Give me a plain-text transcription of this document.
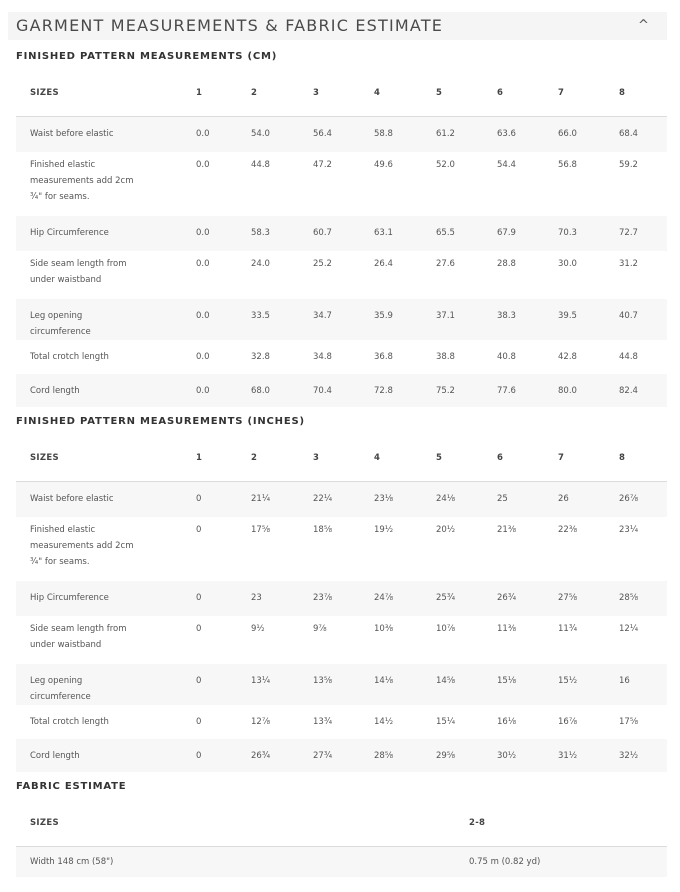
GARMENT MEASUREMENTS & FABRIC ESTIMATE	^
FINISHED PATTERN MEASUREMENTS (CM)
SIZES	1	2	3	4	5	6	7	8
Waist before elastic	0.0	54.0	56.4	58.8	61.2	63.6	66.0	68.4
Finished elastic measurements add 2cm ¾" for seams.	0.0	44.8	47.2	49.6	52.0	54.4	56.8	59.2
Hip Circumference	0.0	58.3	60.7	63.1	65.5	67.9	70.3	72.7
Side seam length from under waistband	0.0	24.0	25.2	26.4	27.6	28.8	30.0	31.2
Leg opening circumference	0.0	33.5	34.7	35.9	37.1	38.3	39.5	40.7
Total crotch length	0.0	32.8	34.8	36.8	38.8	40.8	42.8	44.8
Cord length	0.0	68.0	70.4	72.8	75.2	77.6	80.0	82.4
FINISHED PATTERN MEASUREMENTS (INCHES)
SIZES	1	2	3	4	5	6	7	8
Waist before elastic	0	21¼	22¼	23⅛	24⅛	25	26	26⅞
Finished elastic measurements add 2cm ¾" for seams.	0	17⅝	18⅝	19½	20½	21⅜	22⅜	23¼
Hip Circumference	0	23	23⅞	24⅞	25¾	26¾	27⅝	28⅝
Side seam length from under waistband	0	9½	9⅞	10⅜	10⅞	11⅜	11¾	12¼
Leg opening circumference	0	13¼	13⅝	14⅛	14⅝	15⅛	15½	16
Total crotch length	0	12⅞	13¾	14½	15¼	16⅛	16⅞	17⅝
Cord length	0	26¾	27¾	28⅝	29⅝	30½	31½	32½
FABRIC ESTIMATE
SIZES	2-8
Width 148 cm (58")	0.75 m (0.82 yd)
